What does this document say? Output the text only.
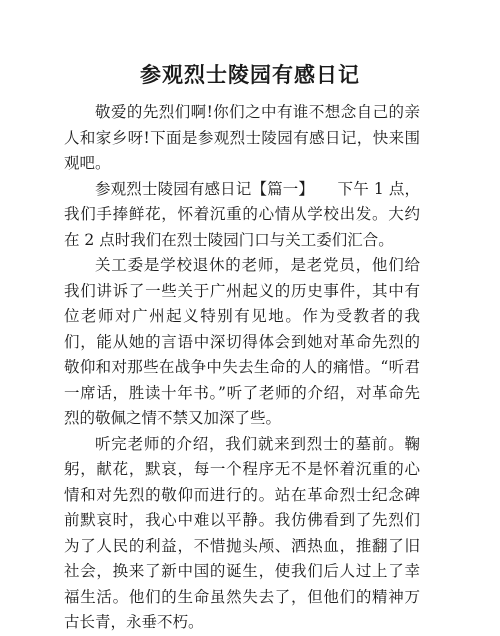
参观烈士陵园有感日记

敬爱的先烈们啊!你们之中有谁不想念自己的亲人和家乡呀!下面是参观烈士陵园有感日记，快来围观吧。

参观烈士陵园有感日记【篇一】　　下午 1 点，我们手捧鲜花，怀着沉重的心情从学校出发。大约在 2 点时我们在烈士陵园门口与关工委们汇合。

关工委是学校退休的老师，是老党员，他们给我们讲诉了一些关于广州起义的历史事件，其中有位老师对广州起义特别有见地。作为受教者的我们，能从她的言语中深切得体会到她对革命先烈的敬仰和对那些在战争中失去生命的人的痛惜。“听君一席话，胜读十年书。”听了老师的介绍，对革命先烈的敬佩之情不禁又加深了些。

听完老师的介绍，我们就来到烈士的墓前。鞠躬，献花，默哀，每一个程序无不是怀着沉重的心情和对先烈的敬仰而进行的。站在革命烈士纪念碑前默哀时，我心中难以平静。我仿佛看到了先烈们为了人民的利益，不惜抛头颅、洒热血，推翻了旧社会，换来了新中国的诞生，使我们后人过上了幸福生活。他们的生命虽然失去了，但他们的精神万古长青，永垂不朽。
